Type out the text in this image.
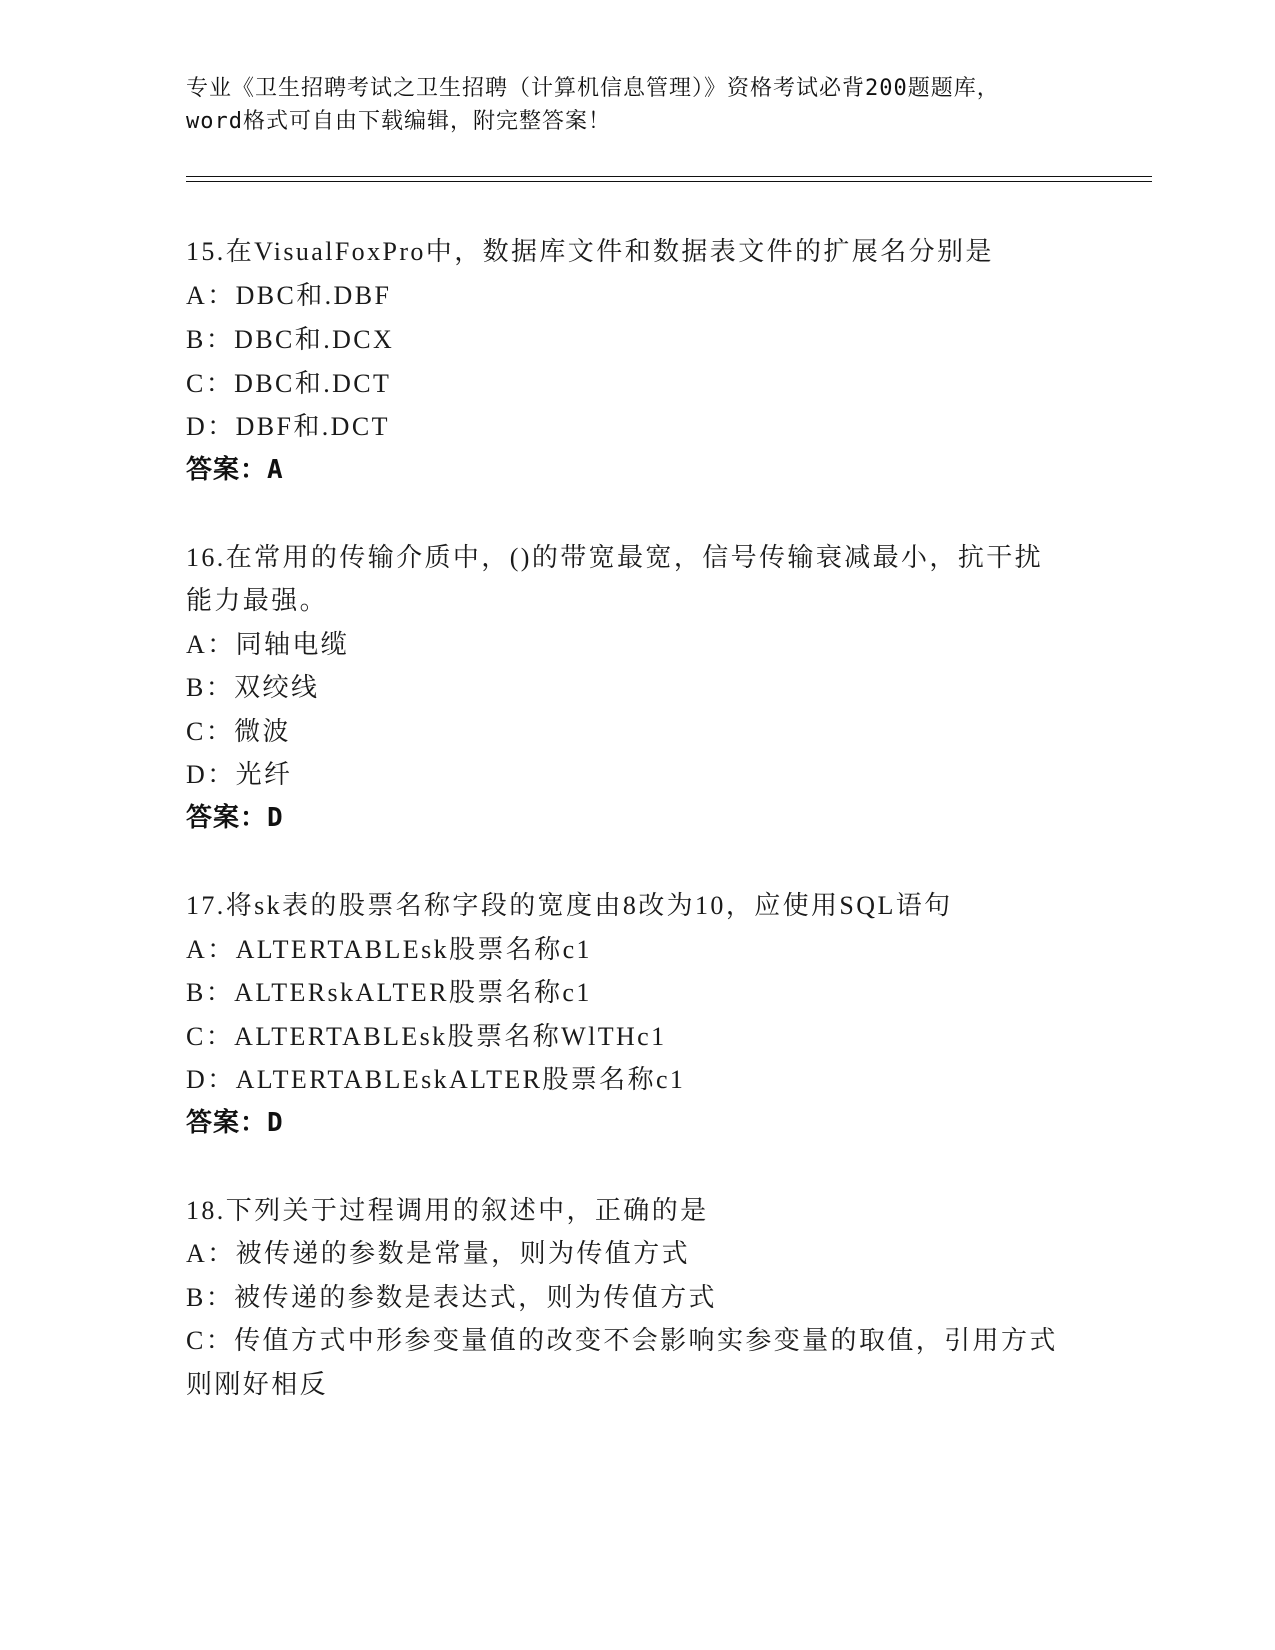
专业《卫生招聘考试之卫生招聘（计算机信息管理）》资格考试必背200题题库，
word格式可自由下载编辑，附完整答案！
15.在VisualFoxPro中，数据库文件和数据表文件的扩展名分别是
A：DBC和.DBF
B：DBC和.DCX
C：DBC和.DCT
D：DBF和.DCT
答案：A
16.在常用的传输介质中，()的带宽最宽，信号传输衰减最小，抗干扰
能力最强。
A：同轴电缆
B：双绞线
C：微波
D：光纤
答案：D
17.将sk表的股票名称字段的宽度由8改为10，应使用SQL语句
A：ALTERTABLEsk股票名称c1
B：ALTERskALTER股票名称c1
C：ALTERTABLEsk股票名称WlTHc1
D：ALTERTABLEskALTER股票名称c1
答案：D
18.下列关于过程调用的叙述中，正确的是
A：被传递的参数是常量，则为传值方式
B：被传递的参数是表达式，则为传值方式
C：传值方式中形参变量值的改变不会影响实参变量的取值，引用方式
则刚好相反
